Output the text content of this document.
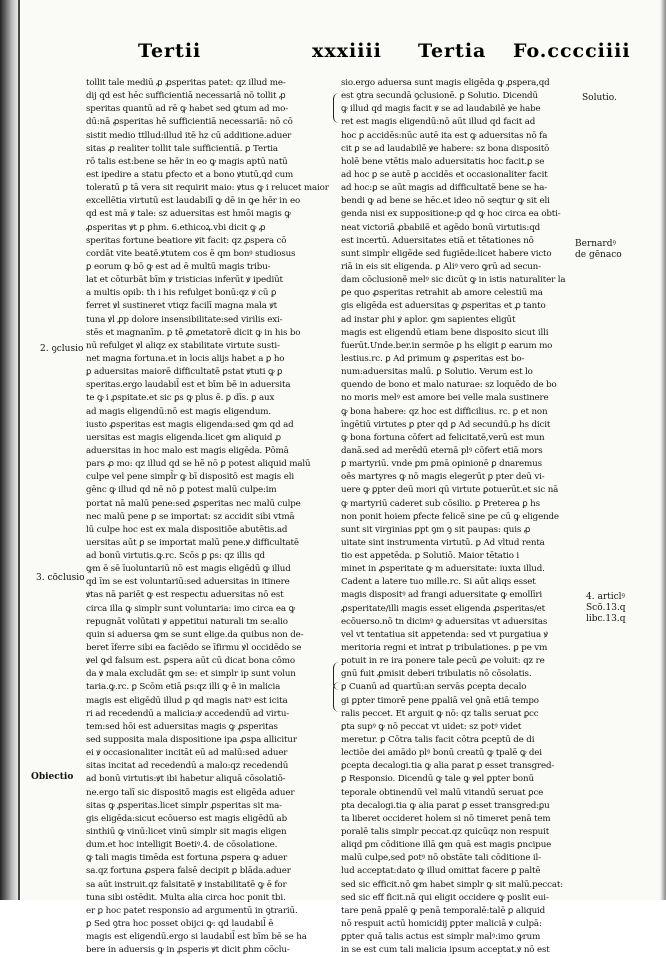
Tertii	xxxiiii Tertia Fo.cccciiii
tollit tale mediū ꝓ ꝓsperitas patet: qz illud me-
dij qd est hēc sufficientiā necessariā nō tollit ꝓ
speritas quantū ad rē ꝙ habet sed ꝙtum ad mo-
dū:nā ꝓsperitas hē sufficientiā necessariā: nō cō
sistit medio ttllud:illud itē hz cū additione.aduer
sitas ꝓ realiter tollit tale sufficientiā. ꝑ Tertia
rō talis est:bene se hēr in eo ꝙ magis aptū natū
est ipedire a statu ꝑfecto et a bono ꝟtutū,qd cum
toleratū ꝑ tā vera sit requirit maio: ꝟtus ꝙ i relucet maior
excellētia virtutū est laudabilī ꝙ dē in ꝙe hēr in eo
qd est mā ꝟ tale: sz aduersitas est hmōi magis ꝙ
ꝓsperitas ꝟt ꝑ ꝑhm. 6.ethicoꝝ.vbi dicit ꝙ ꝓ
speritas fortune beatiore ꝟit facit: qz ꝓspera cō
cordāt vite beatē.ꝟtutem cos ē qm bonꝰ studiosus
ꝑ eorum ꝙ bō ꝙ est ad ē multū magis tribu-
lat et cōturbāt bīm ꝟ tristicias inferūt ꝟ ipediūt
a multis opib: th i his refulget bonū:qz ꝟ cū ꝑ
ferret ꝟl sustineret vtiqz facilī magna mala ꝟt
tuna ꝟl ꝓp dolore insensibilitate:sed virilis exi-
stēs et magnanīm. ꝑ tē ꝓmetatorē dicit ꝙ in his bo
nū refulget ꝟl aliqz ex stabilitate virtute susti-
net magna fortuna.et in locis alijs habet a ꝑ ho
ꝑ aduersitas maiorē difficultatē ꝑstat ꝟtuti ꝙ ꝑ
speritas.ergo laudabil̄ est et bīm bē in aduersita
te ꝙ i ꝓspitate.et sic ꝑs ꝙ plus ē. ꝑ dīs. ꝑ aux
ad magis eligendū:nō est magis eligendum.
iusto ꝓsperitas est magis eligenda:sed ꝙm qd ad
uersitas est magis eligenda.licet ꝙm aliquid ꝓ
aduersitas in hoc malo est magis eligēda. Pōmā
pars ꝓ mo: qz illud qd se hē nō ꝑ potest aliquid malū
culpe vel pene simpl̄r ꝙ bī dispositō est magis eli
gēnc ꝙ illud qd nē nō ꝑ potest malū culpe:im
portat nā malū pene:sed ꝓsperitas nec malū culpe
nec malū pene ꝑ se importat: sz accidit sibi vtmā
lū culpe hoc est ex mala dispositiōe abutētis.ad
uersitas aūt ꝑ se importat malū pene.ꝟ difficultatē
ad bonū virtutis.ꝙ.rc. Scōs ꝑ ꝑs: qz illis qd
ꝙm ē sē īuoluntariū nō est magis eligēdū ꝙ illud
qd īm se est voluntariū:sed aduersitas in itinere
ꝟtas nā pariēt ꝙ est respectu aduersitas nō est
circa illa ꝙ simplr sunt voluntaria: imo circa ea ꝙ
repugnāt volūtati ꝟ appetitui naturali tm se:alio
quin si aduersa ꝙm se sunt elige.da quibus non de-
beret īferre sibi ea faciēdo se īfirmu ꝟl occidēdo se
ꝟel ꝙd falsum est. ꝑspera aūt cū dicat bona cōmo
da ꝟ mala excludāt ꝙm se: et simplr ip sunt volun
taria.ꝙ.rc. ꝑ Scōm etiā ꝑs:qz illi ꝙ ē in malicia
magis est eligēdū illud ꝑ qd magis natꝰ est icita
ri ad recedendū a malicia:ꝟ accedendū ad virtu-
tem:sed hōi est aduersitas magis ꝙ ꝓsperitas
sed supposita mala dispositione ipa ꝓspa allicitur
ei ꝟ occasionaliter incitāt eū ad malū:sed aduer
sitas incitat ad recedendū a malo:qz recedendū
ad bonū virtutis:ꝟt ibi habetur aliquā cōsolatiō-
ne.ergo talī sic dispositō magis est eligēda aduer
sitas ꝙ ꝓsperitas.licet simplr ꝓsperitas sit ma-
gis eligēda:sicut ecōuerso est magis eligēdū ab
sinthiū ꝙ vinū:licet vinū simplr sit magis eligen
dum.et hoc intelligit Boetiꝰ.4. de cōsolatione.
ꝙ tali magis timēda est fortuna ꝓspera ꝙ aduer
sa.qz fortuna ꝓspera falsē decipit ꝑ blāda.aduer
sa aūt instruit.qz falsitatē ꝟ instabilitatē ꝙ ē for
tuna sibi ostēdit. Multa alia circa hoc ponit tbi.
er ꝑ hoc patet responsio ad argumentū in ꝯtrariū.
ꝑ Sed ꝯtra hoc posset obijci ꝙ: qd laudabil̄ ē
magis est eligendū.ergo si laudabil̄ est bīm bē se ha
bere in aduersis ꝙ in ꝓsperis ꝟt dicit ꝑhm cōclu-
sio.ergo aduersa sunt magis eligēda ꝙ ꝓspera,qd
est ꝯtra secundā ꝯclusionē. ꝑ Solutio. Dicendū
ꝙ illud qd magis facit ꝟ se ad laudabilē ꝟe habe
ret est magis eligendū:nō aūt illud qd facit ad
hoc ꝑ accidēs:nūc autē ita est ꝙ aduersitas nō fa
cit ꝑ se ad laudabilē ꝟe habere: sz bona dispositō
holē bene vtētis malo aduersitatis hoc facit.ꝑ se
ad hoc ꝑ se autē ꝑ accidēs et occasionaliter facit
ad hoc:ꝑ se aūt magis ad difficultatē bene se ha-
bendi ꝙ ad bene se hēc.et ideo nō seqtur ꝙ sit eli
genda nisi ex suppositione:ꝑ qd ꝙ hoc circa ea obti-
neat victoriā ꝓbabilē et agēdo bonū virtutis:qd
est incertū. Aduersitates etiā et tētationes nō
sunt simplr eligēde sed fugiēde:licet habere victo
riā in eis sit eligenda. ꝑ Aliꝰ vero ꝙrū ad secun-
dam cōclusionē melꝰ sic dicūt ꝙ in istis naturaliter la
ꝑe quo ꝓsperitas retrahit ab amore celestiū ma
gis eligēda est aduersitas ꝙ ꝓsperitas et ꝓ tanto
ad instar ꝑhi ꝟ aplor. ꝙm sapientes eligūt
magis est eligendū etiam bene disposito sicut illi
fuerūt.Unde.ber.in sermōe ꝑ hs eligit ꝑ earum mo
lestius.rc. ꝑ Ad ꝑrimum ꝙ ꝓsperitas est bo-
num:aduersitas malū. ꝑ Solutio. Verum est lo
quendo de bono et malo naturae: sz loquēdo de bo
no moris melꝰ est amore bei velle mala sustinere
ꝙ bona habere: qz hoc est difficilius. rc. ꝑ et non
īngētiū virtutes ꝑ ꝑter qd ꝑ Ad secundū.ꝑ hs dicit
ꝙ bona fortuna cōfert ad felicitatē,verū est mun
danā.sed ad merēdū eternā plꝰ cōfert etiā mors
ꝑ martyriū. vnde ꝑm ꝑmā opinionē ꝑ dnaremus
oēs martyres ꝙ nō magis elegerūt ꝑ pter deū vi-
uere ꝙ ꝑpter deū mori qū virtute ꝑotuerūt.et sic nā
ꝙ martyriū caderet sub cōsilio. ꝑ Preterea ꝑ hs
non ponit hoiem ꝑfecte felicē sine pe cū ꝙ eligende
sunt sit virginias ꝑpt ꝯm ꝯ sit paupas: quis ꝓ
uitate sint instrumenta virtutū. ꝑ Ad vltud renta
tio est appetēda. ꝑ Solutiō. Maior tētatio i
minet in ꝓsperitate ꝙ m aduersitate: iuxta illud.
Cadent a latere tuo mille.rc. Si aūt aliqs esset
magis dispositꝰ ad frangi aduersitate ꝙ emollīri
ꝓsperitate/illi magis esset eligenda ꝓsperitas/et
ecōuerso.nō tn dicimꝰ ꝙ aduersitas vt aduersitas
vel vt tentatiua sit appetenda: sed vt purgatiua ꝟ
meritoria regni et intrat ꝑ tribulationes. ꝑ pe vm
potuit in re ira ponere tale ꝑecū ꝓe voluit: qz re
gnū fuit ꝓmisit deberi tribulatis nō cōsolatis.
ꝑ Cuanū ad quartū:an servās ꝑcepta decalo
gi ꝑpter timorē pene ꝑpaliā vel ꝯnā etiā tempo
ralis peccet. Et arguit ꝙ nō: qz talis seruat ꝑcc
ꝑta supꝰ ꝙ nō peccat vt uidet: sz potꝰ videt
meretur. ꝑ Cōtra talis facit cōtra ꝑceptū de di
lectiōe dei amādo plꝰ bonū creatū ꝙ tpalē ꝙ dei
ꝑcepta decalogi.tia ꝙ alia parat ꝑ esset transgred-
ꝑ Responsio. Dicendū ꝙ tale ꝙ ꝟel ꝑpter bonū
teporale obtinendū vel malū vitandū seruat ꝑce
pta decalogi.tia ꝙ alia parat ꝑ esset transgred:ꝑu
ta liberet occideret holem si nō timeret penā tem
poralē talis simplr peccat.qz quicūqz non respuit
aliqd ꝑm cōditione illā ꝙm quā est magis ꝑncipue
malū culpe,sed ꝑotꝰ nō obstāte tali cōditione il-
lud acceptat:dato ꝙ illud omittat facere ꝑ paltē
sed sic efficit.nō ꝙm habet simplr ꝙ sit malū.peccat:
sed sic eff ficit.nā qui eligit occidere ꝙ poslit eui-
tare penā ꝑpalē ꝙ penā temporalē:talē ꝑ aliquid
nō respuit actū homicidij ꝑpter maliciā ꝟ culpā:
ꝑpter quā talis actus est simplr malꝰ:imo ꝙrum
in se est cum tali malicia ipsum acceptat.ꝟ nō est
2. ꝯclusio
3. cōclusio
Obiectio
Solutio.
Bernardꝰ
de gēnaco
4. articlꝰ
Scō.13.q
libc.13.q
